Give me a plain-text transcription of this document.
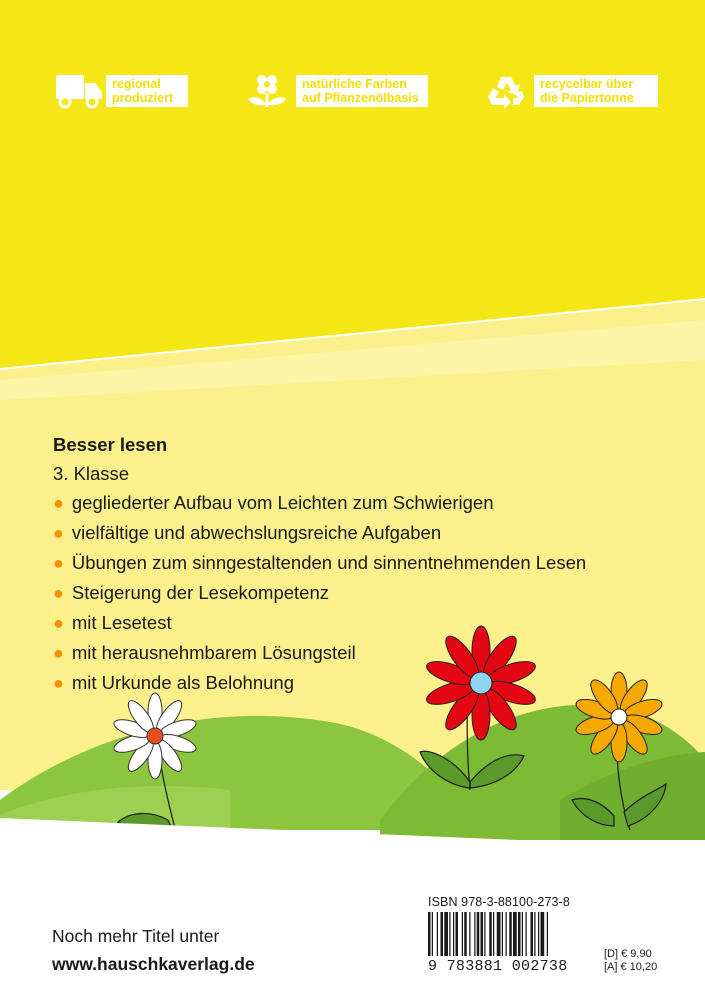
regional
produziert
natürliche Farben
auf Pflanzenölbasis
recycelbar über
die Papiertonne
Besser lesen
3. Klasse
● gegliederter Aufbau vom Leichten zum Schwierigen
● vielfältige und abwechslungsreiche Aufgaben
● Übungen zum sinngestaltenden und sinnentnehmenden Lesen
● Steigerung der Lesekompetenz
● mit Lesetest
● mit herausnehmbarem Lösungsteil
● mit Urkunde als Belohnung
Noch mehr Titel unter
www.hauschkaverlag.de
ISBN 978-3-88100-273-8
9 783881 002738
[D] € 9,90
[A] € 10,20
